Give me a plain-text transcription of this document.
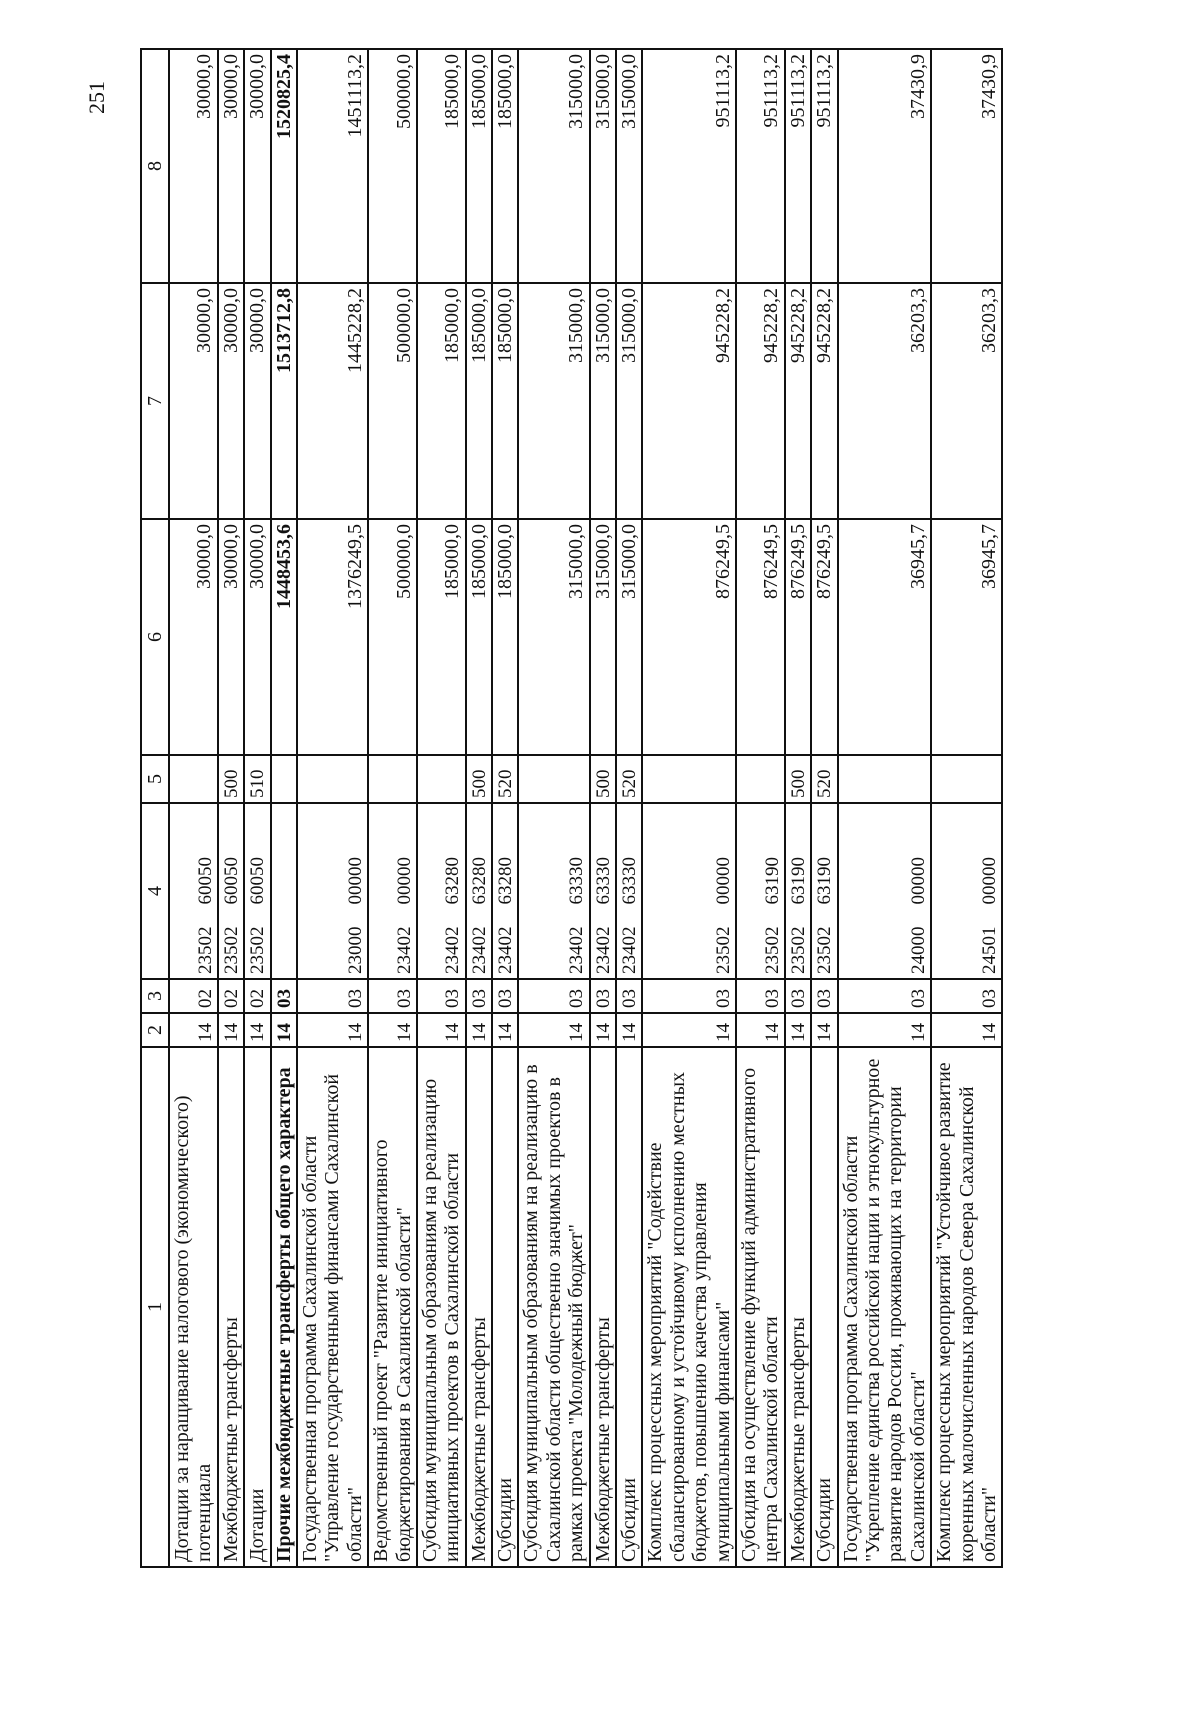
251
1	2	3	4	5	6	7	8
Дотации за наращивание налогового (экономического) потенциала	14	02	2350260050		30000,0	30000,0	30000,0
Межбюджетные трансферты	14	02	2350260050	500	30000,0	30000,0	30000,0
Дотации	14	02	2350260050	510	30000,0	30000,0	30000,0
Прочие межбюджетные трансферты общего характера	14	03			1448453,6	1513712,8	1520825,4
Государственная программа Сахалинской области "Управление государственными финансами Сахалинской области"	14	03	2300000000		1376249,5	1445228,2	1451113,2
Ведомственный проект "Развитие инициативного бюджетирования в Сахалинской области"	14	03	2340200000		500000,0	500000,0	500000,0
Субсидия муниципальным образованиям на реализацию инициативных проектов в Сахалинской области	14	03	2340263280		185000,0	185000,0	185000,0
Межбюджетные трансферты	14	03	2340263280	500	185000,0	185000,0	185000,0
Субсидии	14	03	2340263280	520	185000,0	185000,0	185000,0
Субсидия муниципальным образованиям на реализацию в Сахалинской области общественно значимых проектов в рамках проекта "Молодежный бюджет"	14	03	2340263330		315000,0	315000,0	315000,0
Межбюджетные трансферты	14	03	2340263330	500	315000,0	315000,0	315000,0
Субсидии	14	03	2340263330	520	315000,0	315000,0	315000,0
Комплекс процессных мероприятий "Содействие сбалансированному и устойчивому исполнению местных бюджетов, повышению качества управления муниципальными финансами"	14	03	2350200000		876249,5	945228,2	951113,2
Субсидия на осуществление функций административного центра Сахалинской области	14	03	2350263190		876249,5	945228,2	951113,2
Межбюджетные трансферты	14	03	2350263190	500	876249,5	945228,2	951113,2
Субсидии	14	03	2350263190	520	876249,5	945228,2	951113,2
Государственная программа Сахалинской области "Укрепление единства российской нации и этнокультурное развитие народов России, проживающих на территории Сахалинской области"	14	03	2400000000		36945,7	36203,3	37430,9
Комплекс процессных мероприятий "Устойчивое развитие коренных малочисленных народов Севера Сахалинской области"	14	03	2450100000		36945,7	36203,3	37430,9
